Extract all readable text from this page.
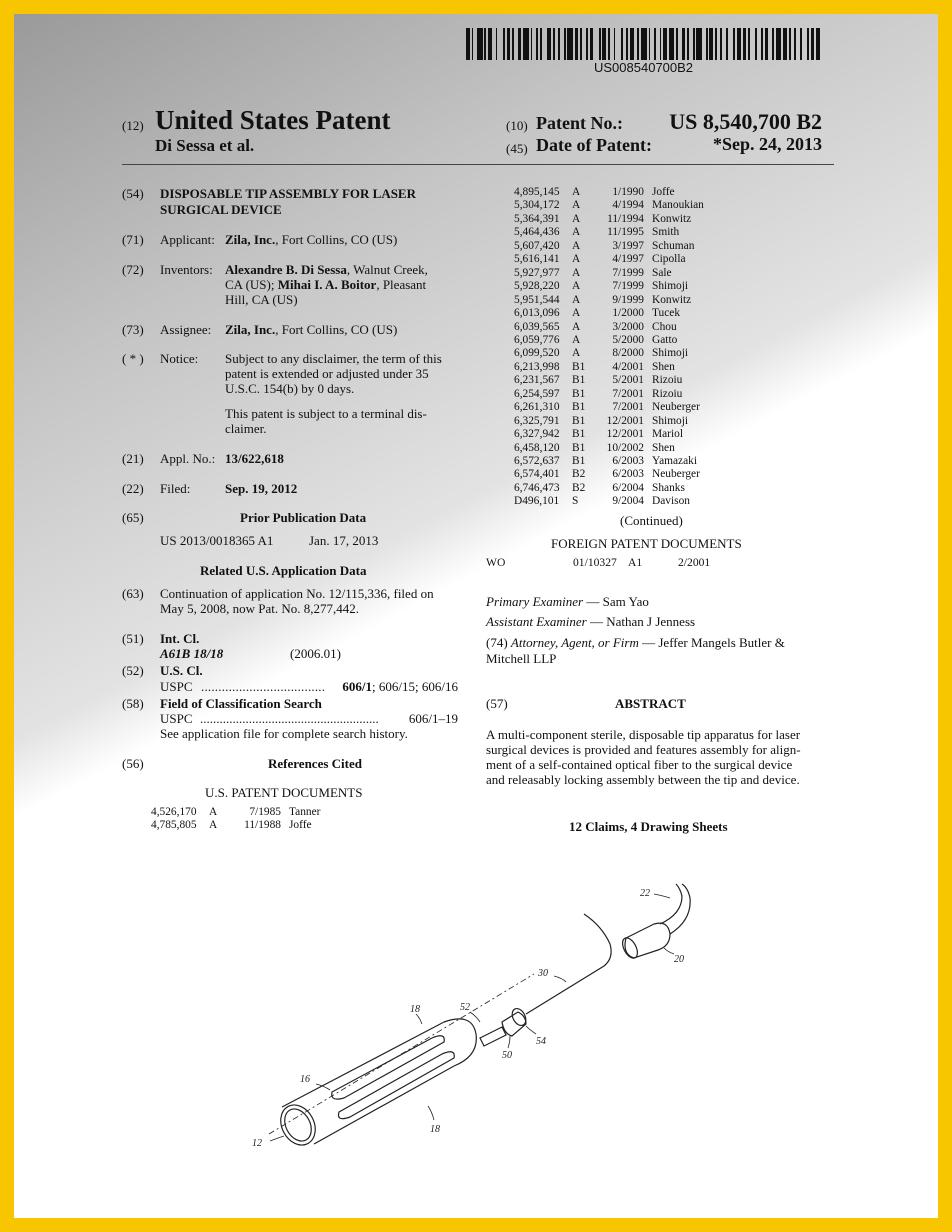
US008540700B2
(12) United States Patent
Di Sessa et al.
(10) Patent No.: US 8,540,700 B2
(45) Date of Patent:	*Sep. 24, 2013
(54) DISPOSABLE TIP ASSEMBLY FOR LASER
SURGICAL DEVICE
(71) Applicant: Zila, Inc., Fort Collins, CO (US)
(72) Inventors: Alexandre B. Di Sessa, Walnut Creek,
CA (US); Mihai I. A. Boitor, Pleasant
Hill, CA (US)
(73) Assignee: Zila, Inc., Fort Collins, CO (US)
( * ) Notice: Subject to any disclaimer, the term of this
patent is extended or adjusted under 35
U.S.C. 154(b) by 0 days.
This patent is subject to a terminal dis-
claimer.
(21) Appl. No.: 13/622,618
(22) Filed:	Sep. 19, 2012
(65)	Prior Publication Data
US 2013/0018365 A1	Jan. 17, 2013
Related U.S. Application Data
(63) Continuation of application No. 12/115,336, filed on
May 5, 2008, now Pat. No. 8,277,442.
(51) Int. Cl.
A61B 18/18	(2006.01)
(52) U.S. Cl.
USPC .................................... 606/1; 606/15; 606/16
(58) Field of Classification Search
USPC ....................................................... 606/1–19
See application file for complete search history.
(56)	References Cited
U.S. PATENT DOCUMENTS
4,526,170 A	7/1985 Tanner
4,785,805 A 11/1988 Joffe
4,895,145 A	1/1990 Joffe
5,304,172 A	4/1994 Manoukian
5,364,391 A 11/1994 Konwitz
5,464,436 A 11/1995 Smith
5,607,420 A	3/1997 Schuman
5,616,141 A	4/1997 Cipolla
5,927,977 A	7/1999 Sale
5,928,220 A	7/1999 Shimoji
5,951,544 A	9/1999 Konwitz
6,013,096 A	1/2000 Tucek
6,039,565 A	3/2000 Chou
6,059,776 A	5/2000 Gatto
6,099,520 A	8/2000 Shimoji
6,213,998 B1	4/2001 Shen
6,231,567 B1	5/2001 Rizoiu
6,254,597 B1	7/2001 Rizoiu
6,261,310 B1	7/2001 Neuberger
6,325,791 B1 12/2001 Shimoji
6,327,942 B1 12/2001 Mariol
6,458,120 B1 10/2002 Shen
6,572,637 B1	6/2003 Yamazaki
6,574,401 B2	6/2003 Neuberger
6,746,473 B2	6/2004 Shanks
D496,101 S	9/2004 Davison
(Continued)
FOREIGN PATENT DOCUMENTS
WO	01/10327 A1	2/2001
Primary Examiner — Sam Yao
Assistant Examiner — Nathan J Jenness
(74) Attorney, Agent, or Firm — Jeffer Mangels Butler &
Mitchell LLP
(57)	ABSTRACT
A multi-component sterile, disposable tip apparatus for laser
surgical devices is provided and features assembly for align-
ment of a self-contained optical fiber to the surgical device
and releasably locking assembly between the tip and device.
12 Claims, 4 Drawing Sheets
12
16
18
18
52
50
54
30
22
20
